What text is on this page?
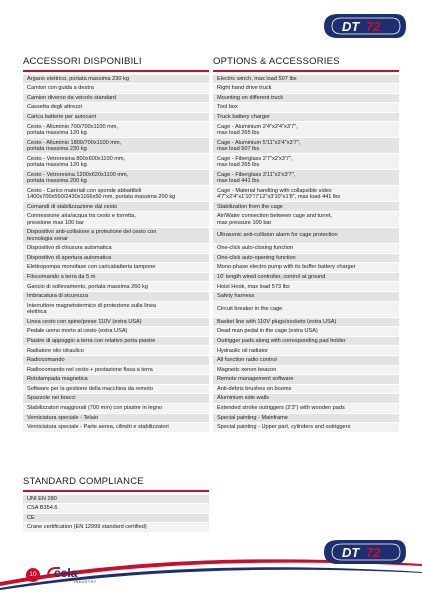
DT 72
ACCESSORI DISPONIBILI
Argano elettrico, portata massima 230 kg
Camion con guida a destra
Camion diverso da veicolo standard
Cassetta degli attrezzi
Carica batterie per autocarri
Cesto - Alluminio 700/700x1100 mm,
portata massima 120 kg
Cesto - Alluminio 1800/700x1100 mm,
portata massima 230 kg
Cesto - Vetroresina 800x600x1100 mm,
portata massima 120 kg
Cesto - Vetroresina 1200x620x1100 mm,
portata massima 200 kg
Cesto - Carico materiali con sponde abbattibili
1400x700x550/2430x1166x50 mm, portata massima 200 kg
Comandi di stabilizzazione dal cesto
Connessione aria/acqua tra cesto e torretta,
pressione max 100 bar
Dispositivo anti-collisione a protezione del cesto con
tecnologia sonar
Dispositivo di chiusura automatica
Dispositivo di apertura automatica
Elettropompa monofase con caricabatteria tampone
Filocomando a terra da 5 m
Gancio di sollevamento, portata massima 260 kg
Imbracatura di sicurezza
Interruttore magnetotermico di protezione sulla linea
elettrica
Linea cesto con spine/prese 110V (extra USA)
Pedale uomo morto al cesto (extra USA)
Piastre di appoggio a terra con relativo porta piastre
Radiatore olio idraulico
Radiocomando
Radiocomando nel cesto + postazione fissa a terra
Rotolampada magnetica
Software per la gestione della macchina da remoto
Spazzole nei bracci
Stabilizzatori maggiorati (700 mm) con piastre in legno
Verniciatura speciale - Telaio
Verniciatura speciale - Parte aerea, cilindri e stabilizzatori
OPTIONS & ACCESSORIES
Electric winch, max load 507 lbs
Right hand drive truck
Mounting on different truck
Tool box
Truck battery charger
Cage - Aluminium 2'4"x2'4"x3'7",
max load 265 lbs
Cage - Aluminium 5'11"x2'4"x3'7",
max load 507 lbs
Cage - Fiberglass 2'7"x2'x3'7",
max load 265 lbs
Cage - Fiberglass 3'11"x2'x3'7",
max load 441 lbs
Cage - Material handling with collapsible sides
4'7"x2'4"x1'10"/7'12"x3'10"x1'8", max load 441 lbs
Stabilization from the cage
Air/Water connection between cage and turret,
max pressure 100 bar
Ultrasonic anti-collision alarm for cage protection
One-click auto-closing function
One-click auto-opening function
Mono-phase electro pump with its buffer battery charger
16' length wired controller, control at ground
Hoist Hook, max load 573 lbs
Safety harness
Circuit breaker in the cage
Basket line with 110V plugs/sockets (extra USA)
Dead man pedal in the cage (extra USA)
Outrigger pads along with corresponding pad holder
Hydraulic oil radiator
All function radio control
Magnetic xenon beacon
Remote management software
Anti-debris brushes on booms
Aluminium side walls
Extended stroke outriggers (2'3") with wooden pads
Special painting - Mainframe
Special painting - Upper part, cylinders and outriggers
STANDARD COMPLIANCE
UNI EN 280
CSA B354.6
CE
Crane certification (EN 12999 standard certified)
DT 72
10 cela
INDUSTRY
